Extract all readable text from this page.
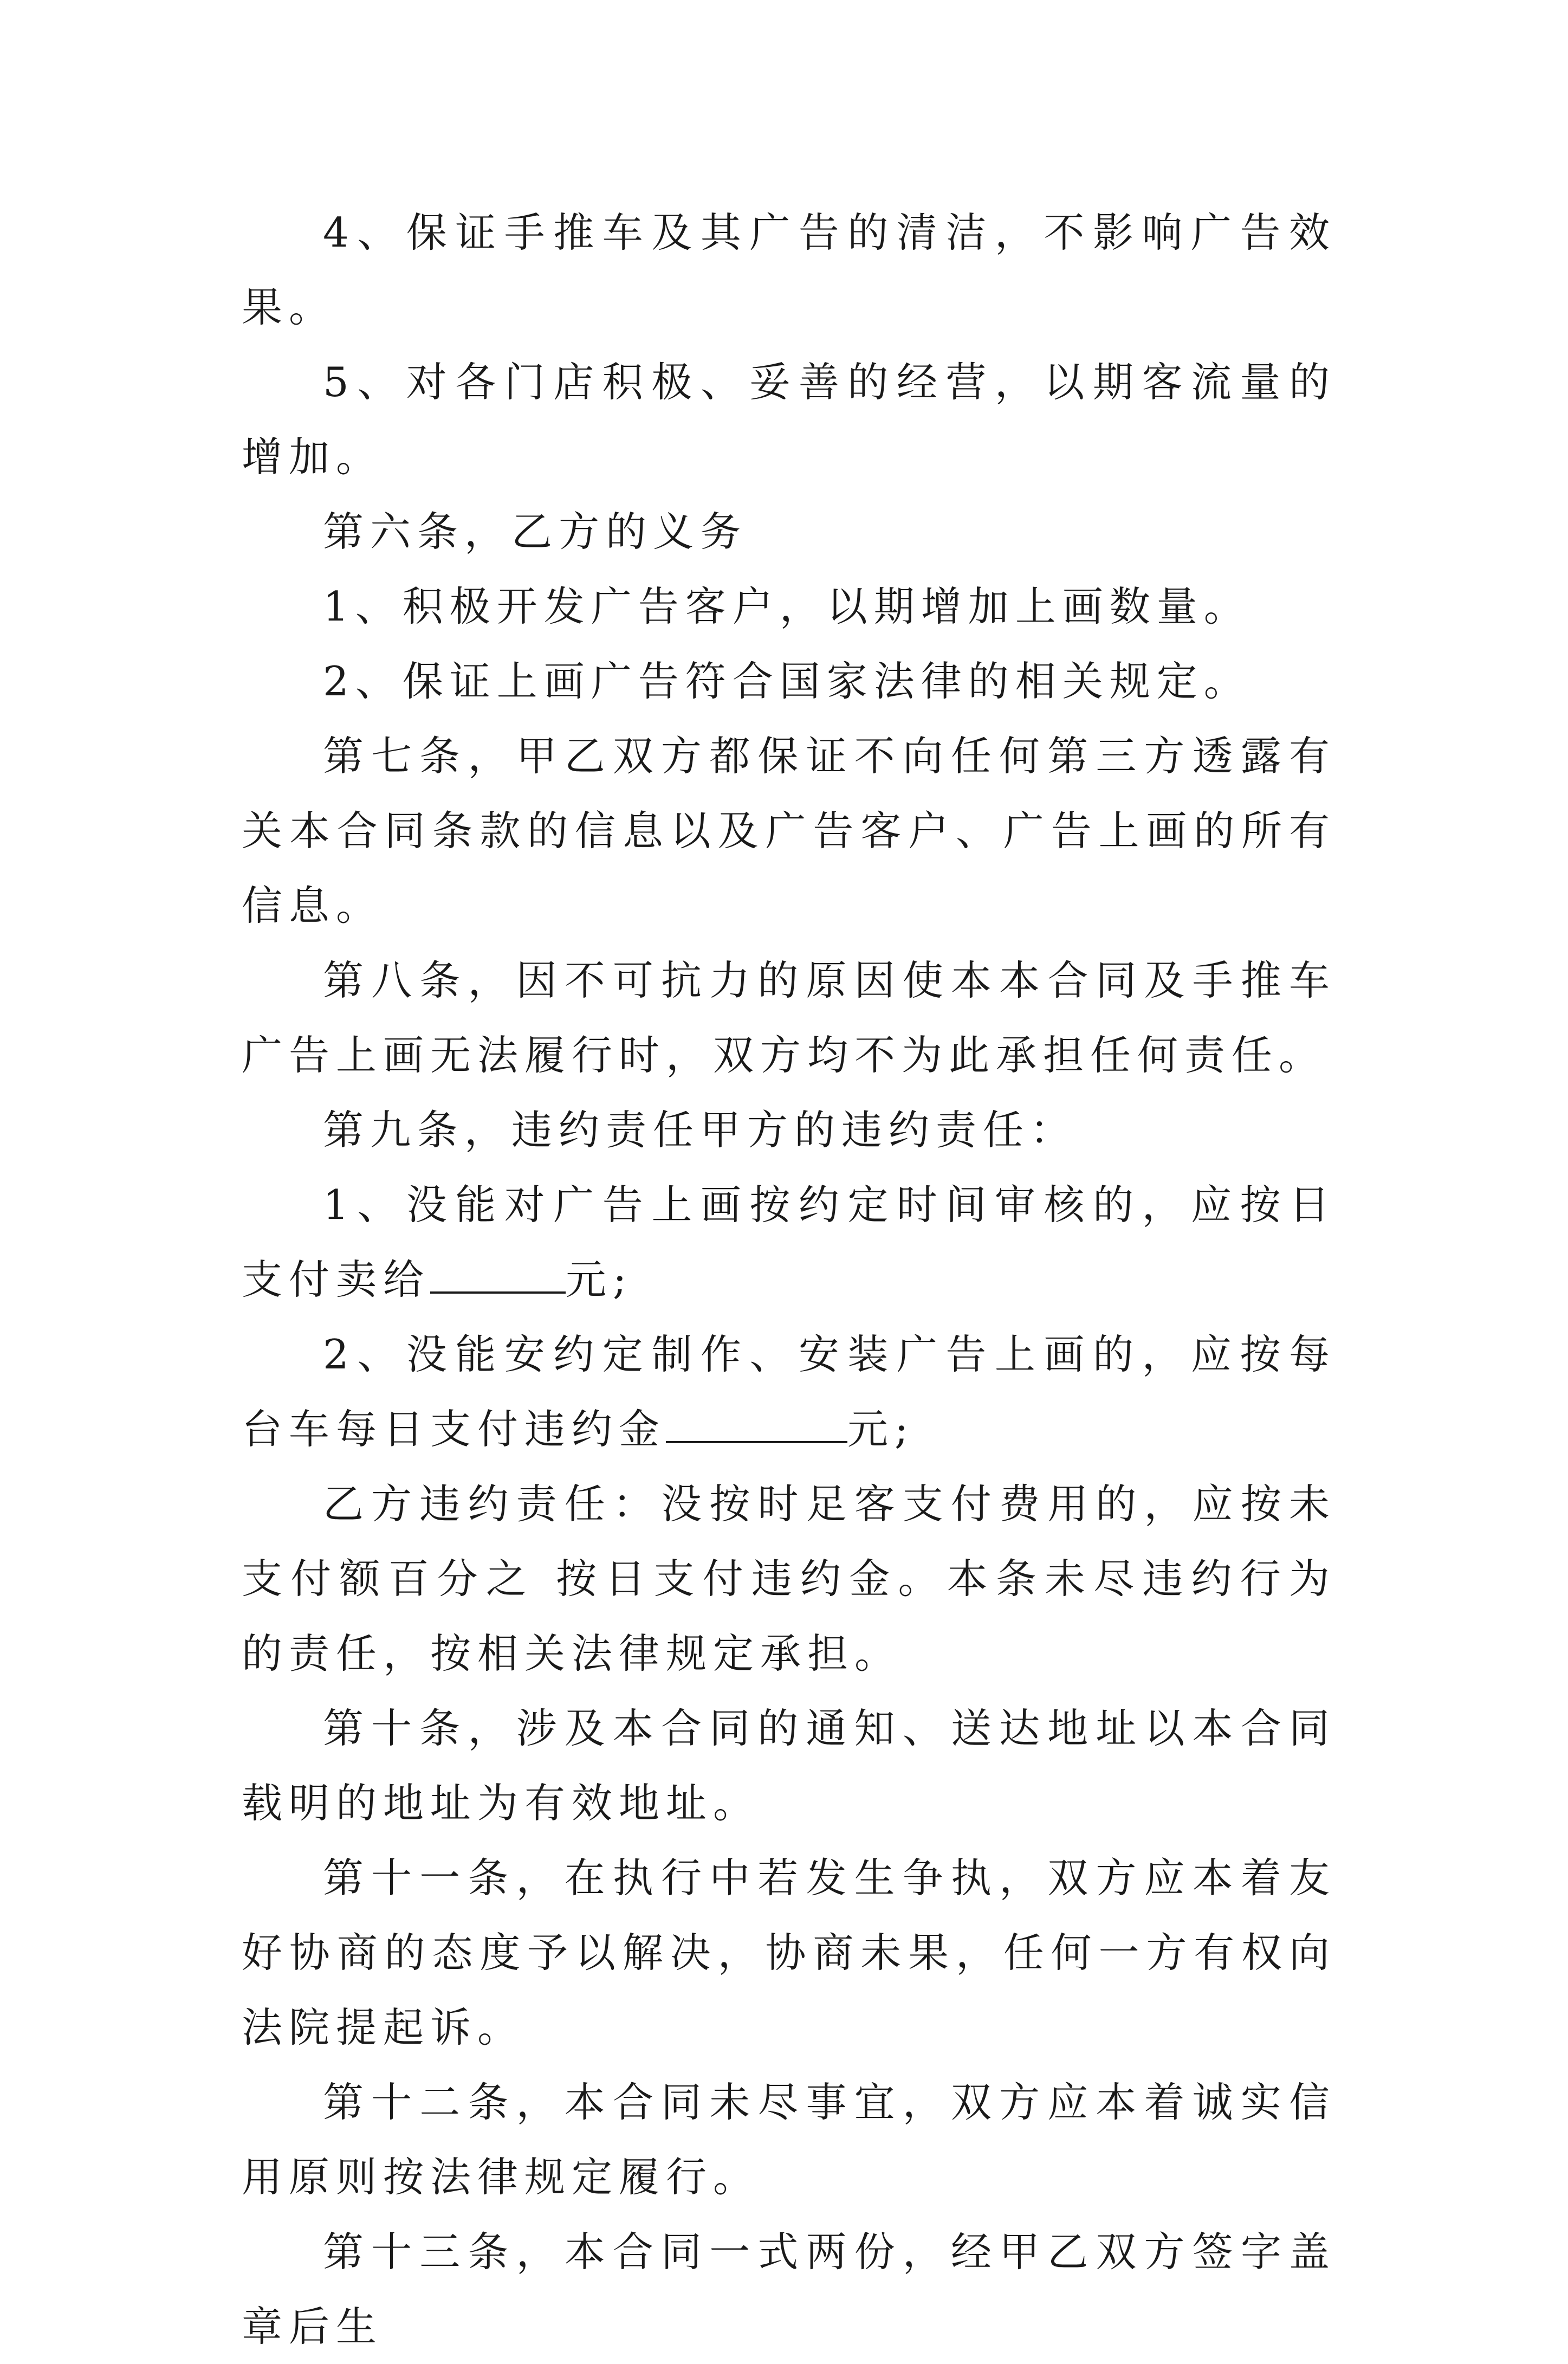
4、保证手推车及其广告的清洁，不影响广告效果。

5、对各门店积极、妥善的经营，以期客流量的增加。

第六条，乙方的义务

1、积极开发广告客户，以期增加上画数量。

2、保证上画广告符合国家法律的相关规定。

第七条，甲乙双方都保证不向任何第三方透露有关本合同条款的信息以及广告客户、广告上画的所有信息。

第八条，因不可抗力的原因使本本合同及手推车广告上画无法履行时，双方均不为此承担任何责任。

第九条，违约责任甲方的违约责任：

1、没能对广告上画按约定时间审核的，应按日支付卖给	元;

2、没能安约定制作、安装广告上画的，应按每台车每日支付违约金	元;

乙方违约责任：没按时足客支付费用的，应按未支付额百分之 按日支付违约金。本条未尽违约行为的责任，按相关法律规定承担。

第十条，涉及本合同的通知、送达地址以本合同载明的地址为有效地址。

第十一条，在执行中若发生争执，双方应本着友好协商的态度予以解决，协商未果，任何一方有权向法院提起诉。

第十二条，本合同未尽事宜，双方应本着诚实信用原则按法律规定履行。

第十三条，本合同一式两份，经甲乙双方签字盖章后生
